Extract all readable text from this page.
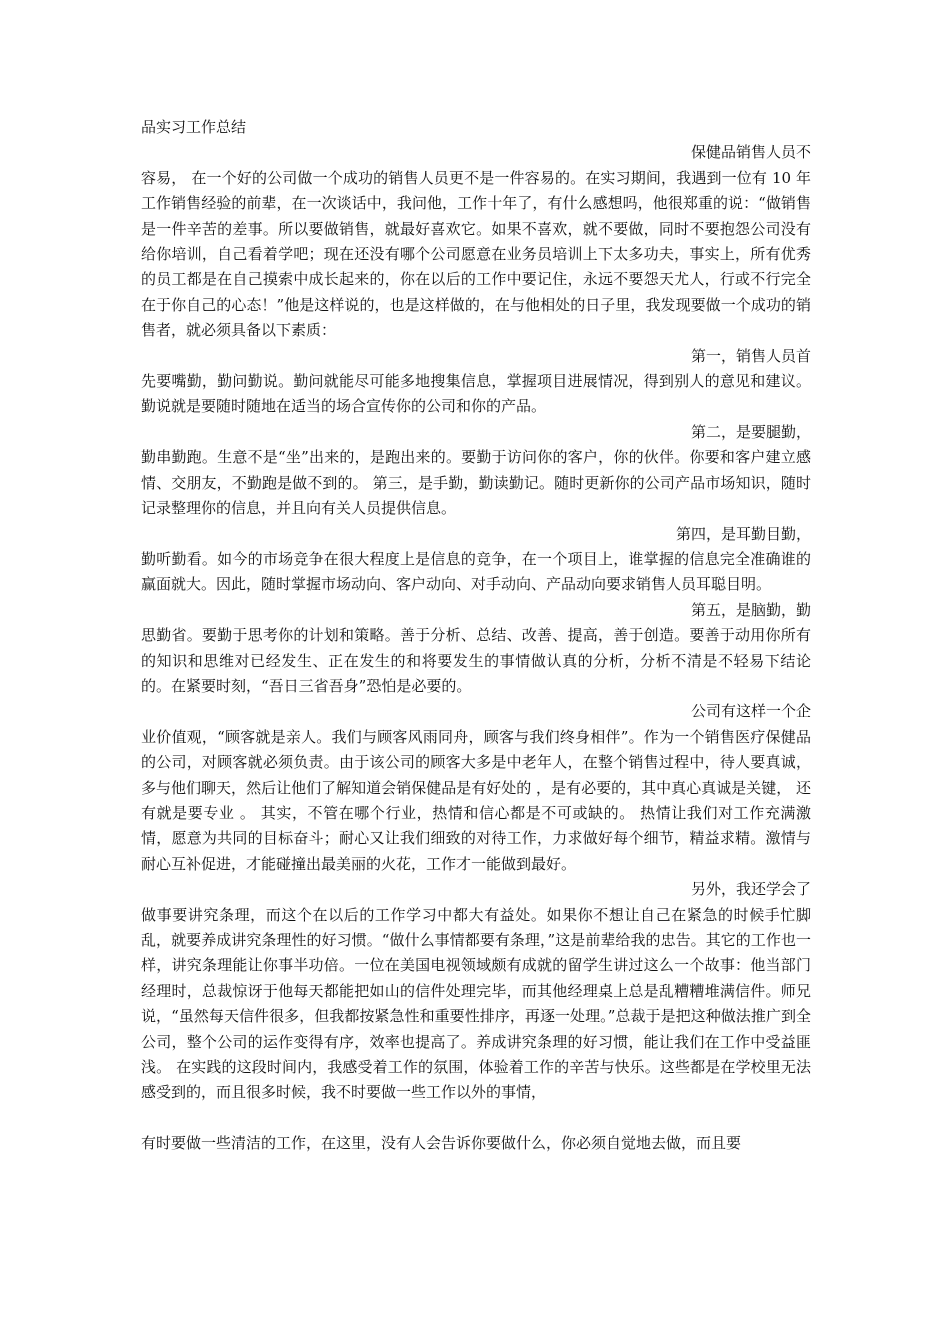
品实习工作总结

保健品销售人员不

容易， 在一个好的公司做一个成功的销售人员更不是一件容易的。在实习期间，我遇到一位有 10 年工作销售经验的前辈，在一次谈话中，我问他，工作十年了，有什么感想吗，他很郑重的说：“做销售是一件辛苦的差事。所以要做销售，就最好喜欢它。如果不喜欢，就不要做，同时不要抱怨公司没有给你培训，自己看着学吧；现在还没有哪个公司愿意在业务员培训上下太多功夫，事实上，所有优秀的员工都是在自己摸索中成长起来的，你在以后的工作中要记住，永远不要怨天尤人，行或不行完全在于你自己的心态！”他是这样说的，也是这样做的，在与他相处的日子里，我发现要做一个成功的销售者，就必须具备以下素质：

第一，销售人员首

先要嘴勤，勤问勤说。勤问就能尽可能多地搜集信息，掌握项目进展情况，得到别人的意见和建议。勤说就是要随时随地在适当的场合宣传你的公司和你的产品。

第二，是要腿勤，

勤串勤跑。生意不是“坐”出来的，是跑出来的。要勤于访问你的客户，你的伙伴。你要和客户建立感情、交朋友，不勤跑是做不到的。 第三，是手勤，勤读勤记。随时更新你的公司产品市场知识，随时记录整理你的信息，并且向有关人员提供信息。

第四，是耳勤目勤，

勤听勤看。如今的市场竞争在很大程度上是信息的竞争，在一个项目上，谁掌握的信息完全准确谁的赢面就大。因此，随时掌握市场动向、客户动向、对手动向、产品动向要求销售人员耳聪目明。

第五，是脑勤，勤

思勤省。要勤于思考你的计划和策略。善于分析、总结、改善、提高，善于创造。要善于动用你所有的知识和思维对已经发生、正在发生的和将要发生的事情做认真的分析，分析不清是不轻易下结论的。在紧要时刻，“吾日三省吾身”恐怕是必要的。

公司有这样一个企

业价值观，“顾客就是亲人。我们与顾客风雨同舟，顾客与我们终身相伴”。作为一个销售医疗保健品的公司，对顾客就必须负责。由于该公司的顾客大多是中老年人，在整个销售过程中，待人要真诚，多与他们聊天，然后让他们了解知道会销保健品是有好处的 ，是有必要的，其中真心真诚是关键， 还有就是要专业 。 其实，不管在哪个行业，热情和信心都是不可或缺的。 热情让我们对工作充满激情，愿意为共同的目标奋斗；耐心又让我们细致的对待工作，力求做好每个细节，精益求精。激情与耐心互补促进，才能碰撞出最美丽的火花，工作才一能做到最好。

另外，我还学会了

做事要讲究条理，而这个在以后的工作学习中都大有益处。如果你不想让自己在紧急的时候手忙脚乱，就要养成讲究条理性的好习惯。“做什么事情都要有条理，”这是前辈给我的忠告。其它的工作也一样，讲究条理能让你事半功倍。一位在美国电视领域颇有成就的留学生讲过这么一个故事：他当部门经理时，总裁惊讶于他每天都能把如山的信件处理完毕，而其他经理桌上总是乱糟糟堆满信件。师兄说，“虽然每天信件很多，但我都按紧急性和重要性排序，再逐一处理。”总裁于是把这种做法推广到全公司，整个公司的运作变得有序，效率也提高了。养成讲究条理的好习惯，能让我们在工作中受益匪浅。 在实践的这段时间内，我感受着工作的氛围，体验着工作的辛苦与快乐。这些都是在学校里无法感受到的，而且很多时候，我不时要做一些工作以外的事情，

有时要做一些清洁的工作，在这里，没有人会告诉你要做什么，你必须自觉地去做，而且要
